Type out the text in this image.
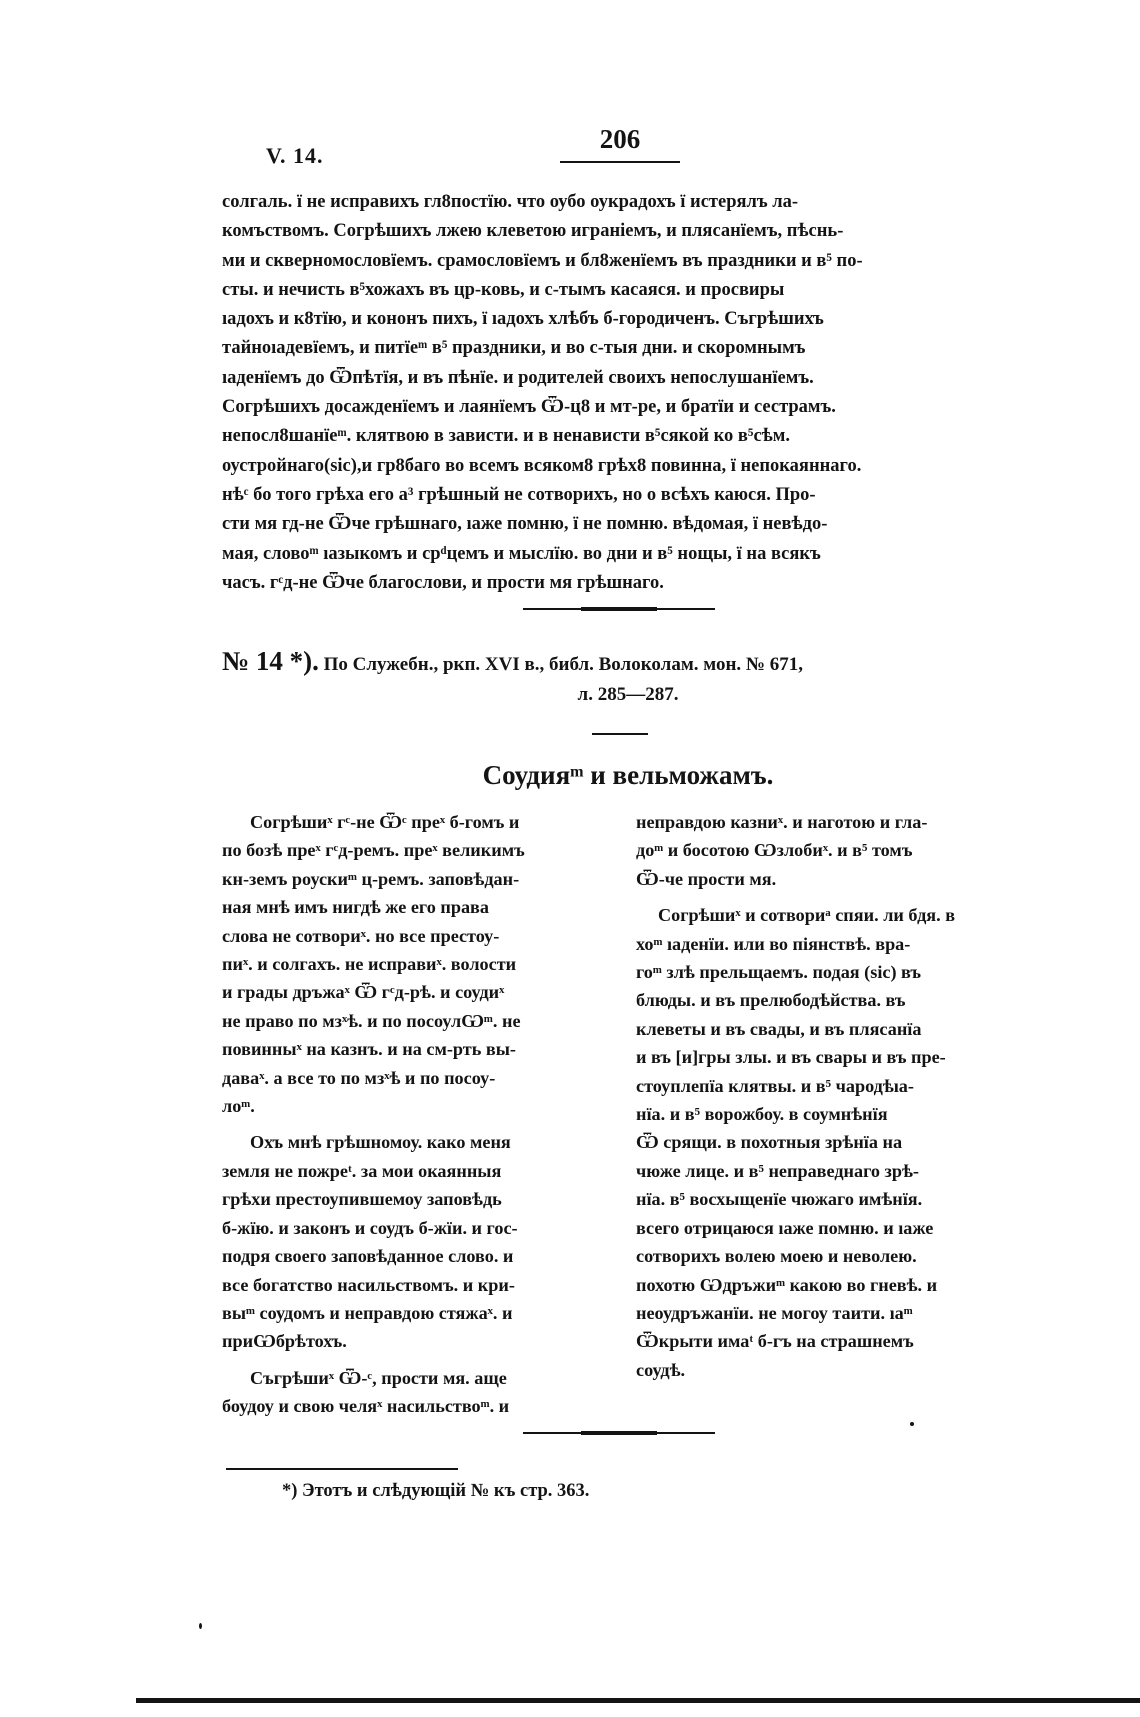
V. 14.
206
солгаль. ї не исправихъ гл8постїю. что оубо оукрадохъ ї истерялъ ла-
комъствомъ. Согрѣшихъ лжею клеветою играніемъ, и плясанїемъ, пѣснь-
ми и скверномословїемъ. срамословїемъ и бл8женїемъ въ праздники и в⁵ по-
сты. и нечисть в⁵хожахъ въ цр-ковь, и с-тымъ касаяся. и просвиры
ıадохъ и к8тїю, и кононъ пихъ, ї ıадохъ хлѣбъ б-городиченъ. Съгрѣшихъ
тайноıадевїемъ, и питїеᵐ в⁵ праздники, и во с-тыя дни. и скоромнымъ
ıаденїемъ до Ѿпѣтїя, и въ пѣнїе. и родителей своихъ непослушанїемъ.
Согрѣшихъ досажденїемъ и лаянїемъ Ѿ-ц8 и мт-ре, и братїи и сестрамъ.
непосл8шанїеᵐ. клятвою в зависти. и в ненависти в⁵сякой ко в⁵сѣм.
оустройнаго(sic),и гр8баго во всемъ всяком8 грѣх8 повинна, ї непокаяннаго.
нѣᶜ бо того грѣха его а³ грѣшный не сотворихъ, но о всѣхъ каюся. Про-
сти мя гд-не Ѿче грѣшнаго, ıаже помню, ї не помню. вѣдомая, ї невѣдо-
мая, словоᵐ ıазыкомъ и срᵈцемъ и мыслїю. во дни и в⁵ нощы, ї на всякъ
часъ. гᶜд-не Ѿче благослови, и прости мя грѣшнаго.
№ 14 *). По Служебн., ркп. XVI в., библ. Волоколам. мон. № 671,
л. 285—287.
Соудияᵐ и вельможамъ.
Согрѣшиˣ гᶜ-не Ѿᶜ преˣ б-гомъ и
по бозѣ преˣ гᶜд-ремъ. преˣ великимъ
кн-земъ роускиᵐ ц-ремъ. заповѣдан-
ная мнѣ имъ нигдѣ же его права
слова не сотвориˣ. но все престоу-
пиˣ. и солгахъ. не исправиˣ. волости
и грады дръжаˣ Ѿ гᶜд-рѣ. и соудиˣ
не право по мзˣѣ. и по посоулѠᵐ. не
повинныˣ на казнъ. и на см-рть вы-
даваˣ. а все то по мзˣѣ и по посоу-
лоᵐ.
Охъ мнѣ грѣшномоу. како меня
земля не пожреᵗ. за мои окаянныя
грѣхи престоупившемоу заповѣдь
б-жїю. и законъ и соудъ б-жїи. и гос-
подря своего заповѣданное слово. и
все богатство насильствомъ. и кри-
выᵐ соудомъ и неправдою стяжаˣ. и
приѠбрѣтохъ.
Съгрѣшиˣ Ѿ-ᶜ, прости мя. аще
боудоу и свою челяˣ насильствоᵐ. и
неправдою казниˣ. и наготою и гла-
доᵐ и босотою Ѡзлобиˣ. и в⁵ томъ
Ѿ-че прости мя.
Согрѣшиˣ и сотвориᵃ спяи. ли бдя. в
хоᵐ ıаденїи. или во піянствѣ. вра-
гоᵐ злѣ прельщаемъ. подая (sic) въ
блюды. и въ прелюбодѣйства. въ
клеветы и въ свады, и въ плясанїа
и въ [и]гры злы. и въ свары и въ пре-
стоуплепїа клятвы. и в⁵ чародѣıа-
нїа. и в⁵ ворожбоу. в соумнѣнїя
Ѿ срящи. в похотныя зрѣнїа на
чюже лице. и в⁵ неправеднаго зрѣ-
нїа. в⁵ восхыщенїе чюжаго имѣнїя.
всего отрицаюся ıаже помню. и ıаже
сотворихъ волею моею и неволею.
похотю Ѡдръжиᵐ какою во гневѣ. и
неоудръжанїи. не могоу таити. ıаᵐ
Ѿкрыти имаᵗ б-гъ на страшнемъ
соудѣ.
*) Этотъ и слѣдующій № къ стр. 363.
